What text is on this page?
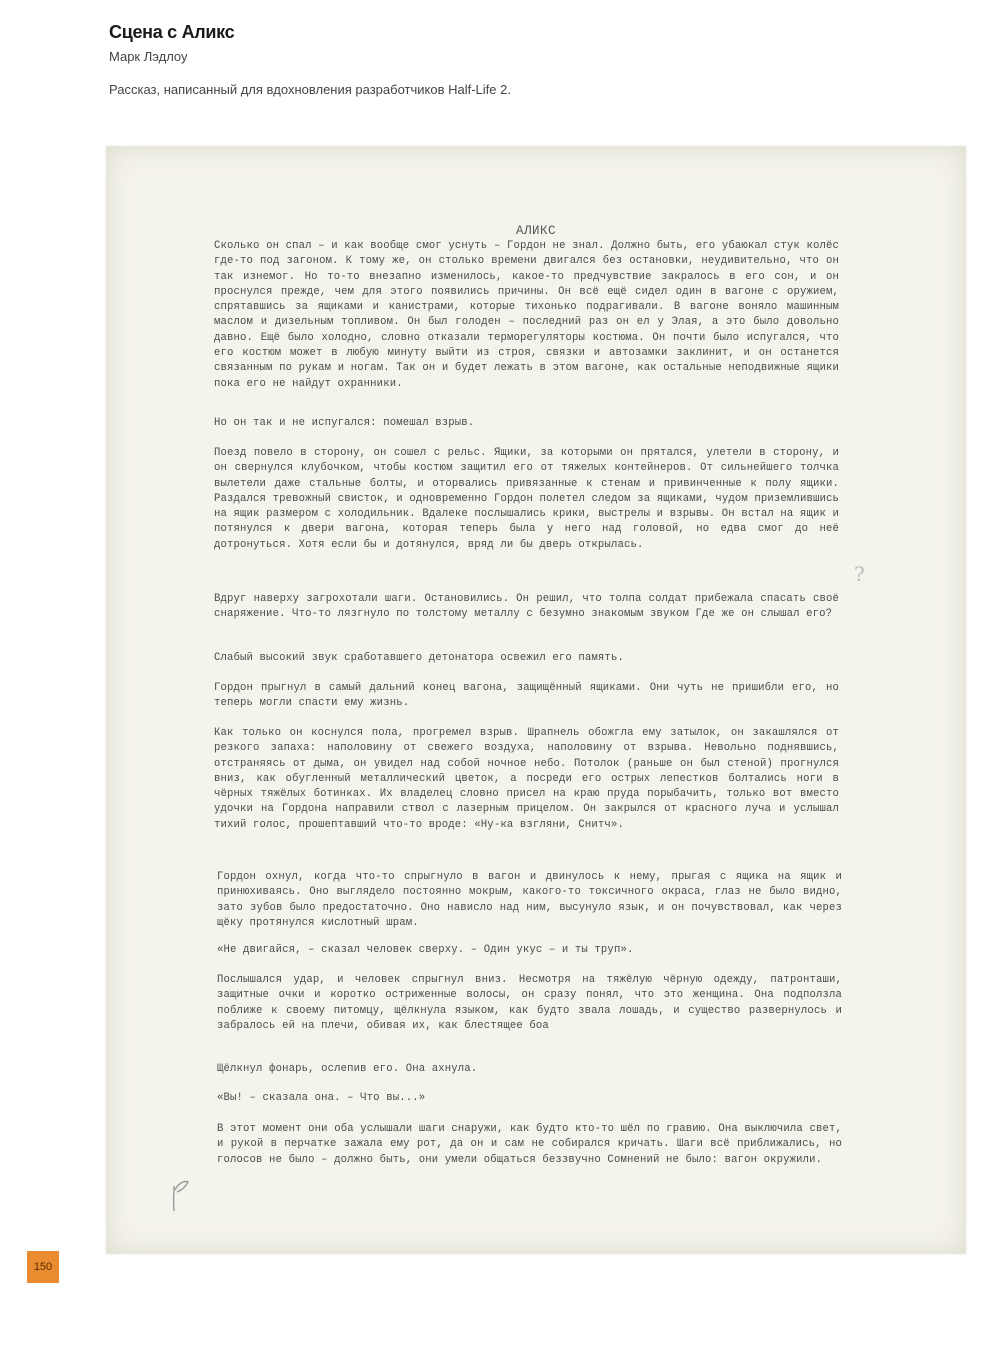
Сцена с Аликс
Марк Лэдлоу
Рассказ, написанный для вдохновления разработчиков Half-Life 2.
АЛИКС
Сколько он спал – и как вообще смог уснуть – Гордон не знал. Должно быть, его убаюкал стук колёс где-то под загоном. К тому же, он столько времени двигался без остановки, неудивительно, что он так изнемог. Но то-то внезапно изменилось, какое-то предчувствие закралось в его сон, и он проснулся прежде, чем для этого появились причины. Он всё ещё сидел один в вагоне с оружием, спрятавшись за ящиками и канистрами, которые тихонько подрагивали. В вагоне воняло машинным маслом и дизельным топливом. Он был голоден – последний раз он ел у Элая, а это было довольно давно. Ещё было холодно, словно отказали терморегуляторы костюма. Он почти было испугался, что его костюм может в любую минуту выйти из строя, связки и автозамки заклинит, и он останется связанным по рукам и ногам. Так он и будет лежать в этом вагоне, как остальные неподвижные ящики пока его не найдут охранники.
Но он так и не испугался: помешал взрыв.
Поезд повело в сторону, он сошел с рельс. Ящики, за которыми он прятался, улетели в сторону, и он свернулся клубочком, чтобы костюм защитил его от тяжелых контейнеров. От сильнейшего толчка вылетели даже стальные болты, и оторвались привязанные к стенам и привинченные к полу ящики. Раздался тревожный свисток, и одновременно Гордон полетел следом за ящиками, чудом приземлившись на ящик размером с холодильник. Вдалеке послышались крики, выстрелы и взрывы. Он встал на ящик и потянулся к двери вагона, которая теперь была у него над головой, но едва смог до неё дотронуться. Хотя если бы и дотянулся, вряд ли бы дверь открылась.
Вдруг наверху загрохотали шаги. Остановились. Он решил, что толпа солдат прибежала спасать своё снаряжение. Что-то лязгнуло по толстому металлу с безумно знакомым звуком Где же он слышал его?
Слабый высокий звук сработавшего детонатора освежил его память.
Гордон прыгнул в самый дальний конец вагона, защищённый ящиками. Они чуть не пришибли его, но теперь могли спасти ему жизнь.
Как только он коснулся пола, прогремел взрыв. Шрапнель обожгла ему затылок, он закашлялся от резкого запаха: наполовину от свежего воздуха, наполовину от взрыва. Невольно поднявшись, отстраняясь от дыма, он увидел над собой ночное небо. Потолок (раньше он был стеной) прогнулся вниз, как обугленный металлический цветок, а посреди его острых лепестков болтались ноги в чёрных тяжёлых ботинках. Их владелец словно присел на краю пруда порыбачить, только вот вместо удочки на Гордона направили ствол с лазерным прицелом. Он закрылся от красного луча и услышал тихий голос, прошептавший что-то вроде: «Ну-ка взгляни, Снитч».
Гордон охнул, когда что-то спрыгнуло в вагон и двинулось к нему, прыгая с ящика на ящик и принюхиваясь. Оно выглядело постоянно мокрым, какого-то токсичного окраса, глаз не было видно, зато зубов было предостаточно. Оно нависло над ним, высунуло язык, и он почувствовал, как через щёку протянулся кислотный шрам.
«Не двигайся, – сказал человек сверху. – Один укус – и ты труп».
Послышался удар, и человек спрыгнул вниз. Несмотря на тяжёлую чёрную одежду, патронташи, защитные очки и коротко остриженные волосы, он сразу понял, что это женщина. Она подползла поближе к своему питомцу, щёлкнула языком, как будто звала лошадь, и существо развернулось и забралось ей на плечи, обивая их, как блестящее боа
Щёлкнул фонарь, ослепив его. Она ахнула.
«Вы! – сказала она. – Что вы...»
В этот момент они оба услышали шаги снаружи, как будто кто-то шёл по гравию. Она выключила свет, и рукой в перчатке зажала ему рот, да он и сам не собирался кричать. Шаги всё приближались, но голосов не было – должно быть, они умели общаться беззвучно Сомнений не было: вагон окружили.
?
150
